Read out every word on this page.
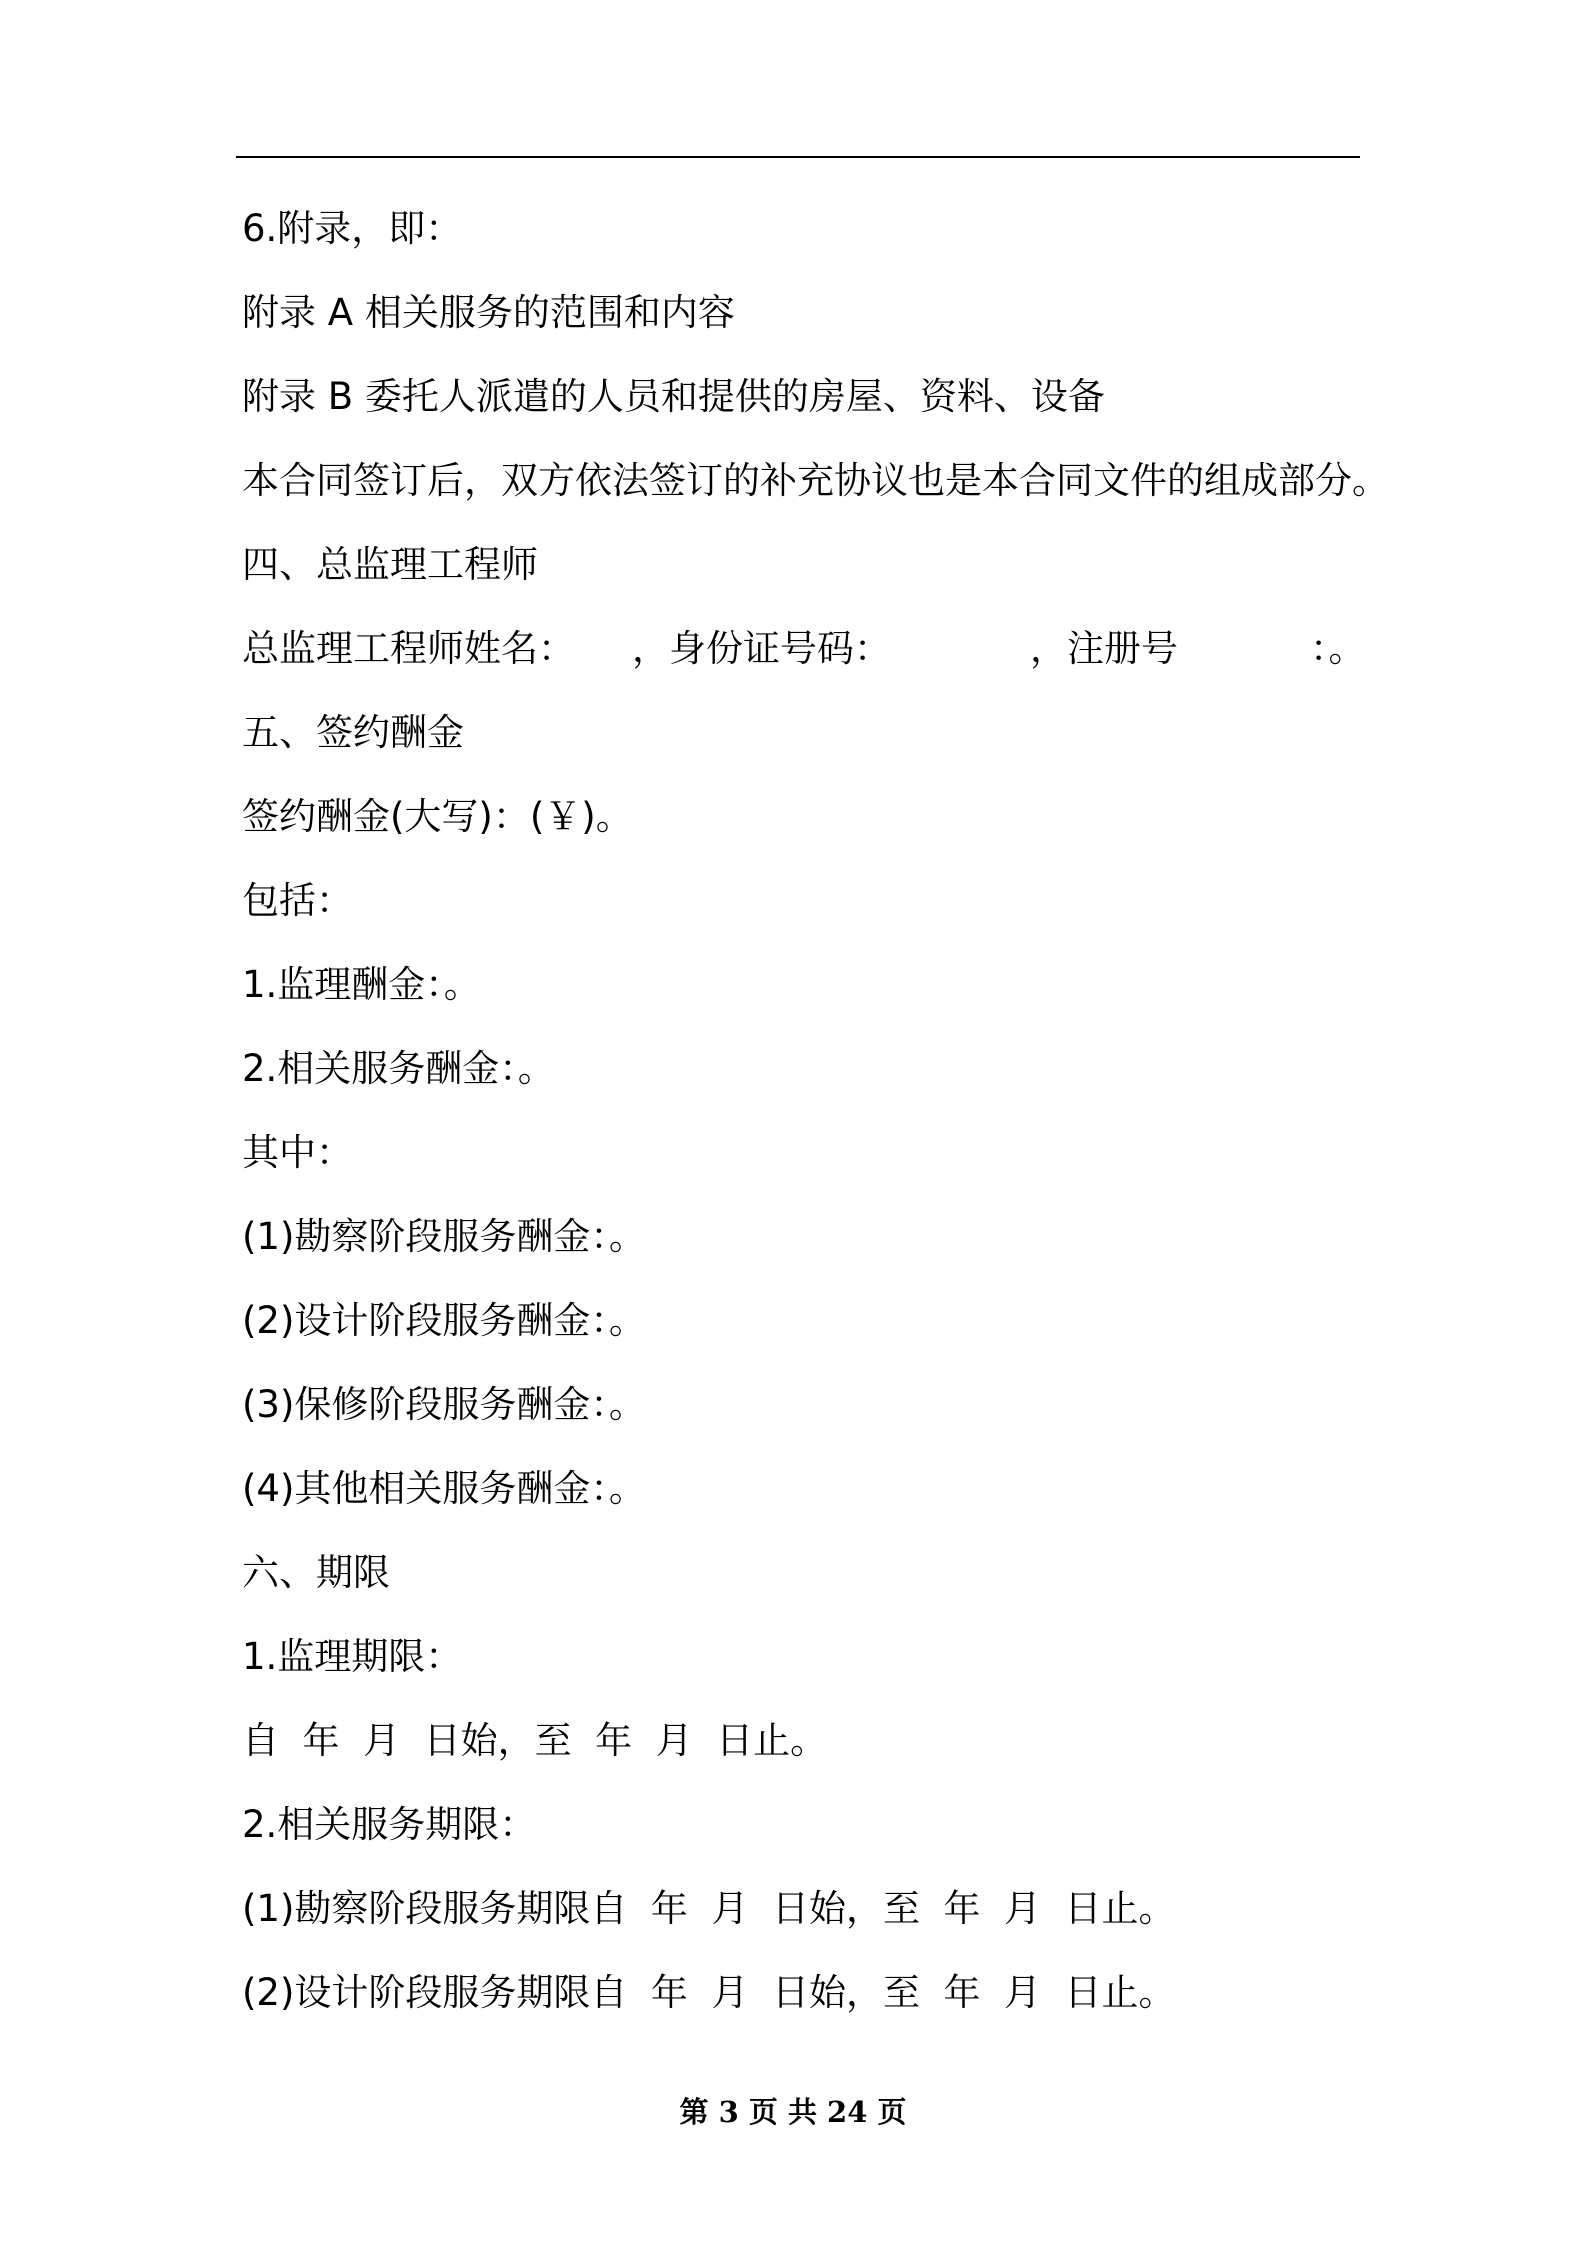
6.附录，即：
附录 A 相关服务的范围和内容
附录 B 委托人派遣的人员和提供的房屋、资料、设备
本合同签订后，双方依法签订的补充协议也是本合同文件的组成部分。
四、总监理工程师

总监理工程师姓名：

，身份证号码：

	，注册号

	：。

五、签约酬金
签约酬金(大写)：(￥)。
包括：
1.监理酬金：。
2.相关服务酬金：。
其中：
(1)勘察阶段服务酬金：。
(2)设计阶段服务酬金：。
(3)保修阶段服务酬金：。
(4)其他相关服务酬金：。
六、期限
1.监理期限：
自  年  月  日始，至  年  月  日止。
2.相关服务期限：
(1)勘察阶段服务期限自  年  月  日始，至  年  月  日止。
(2)设计阶段服务期限自  年  月  日始，至  年  月  日止。
第 3 页 共 24 页
